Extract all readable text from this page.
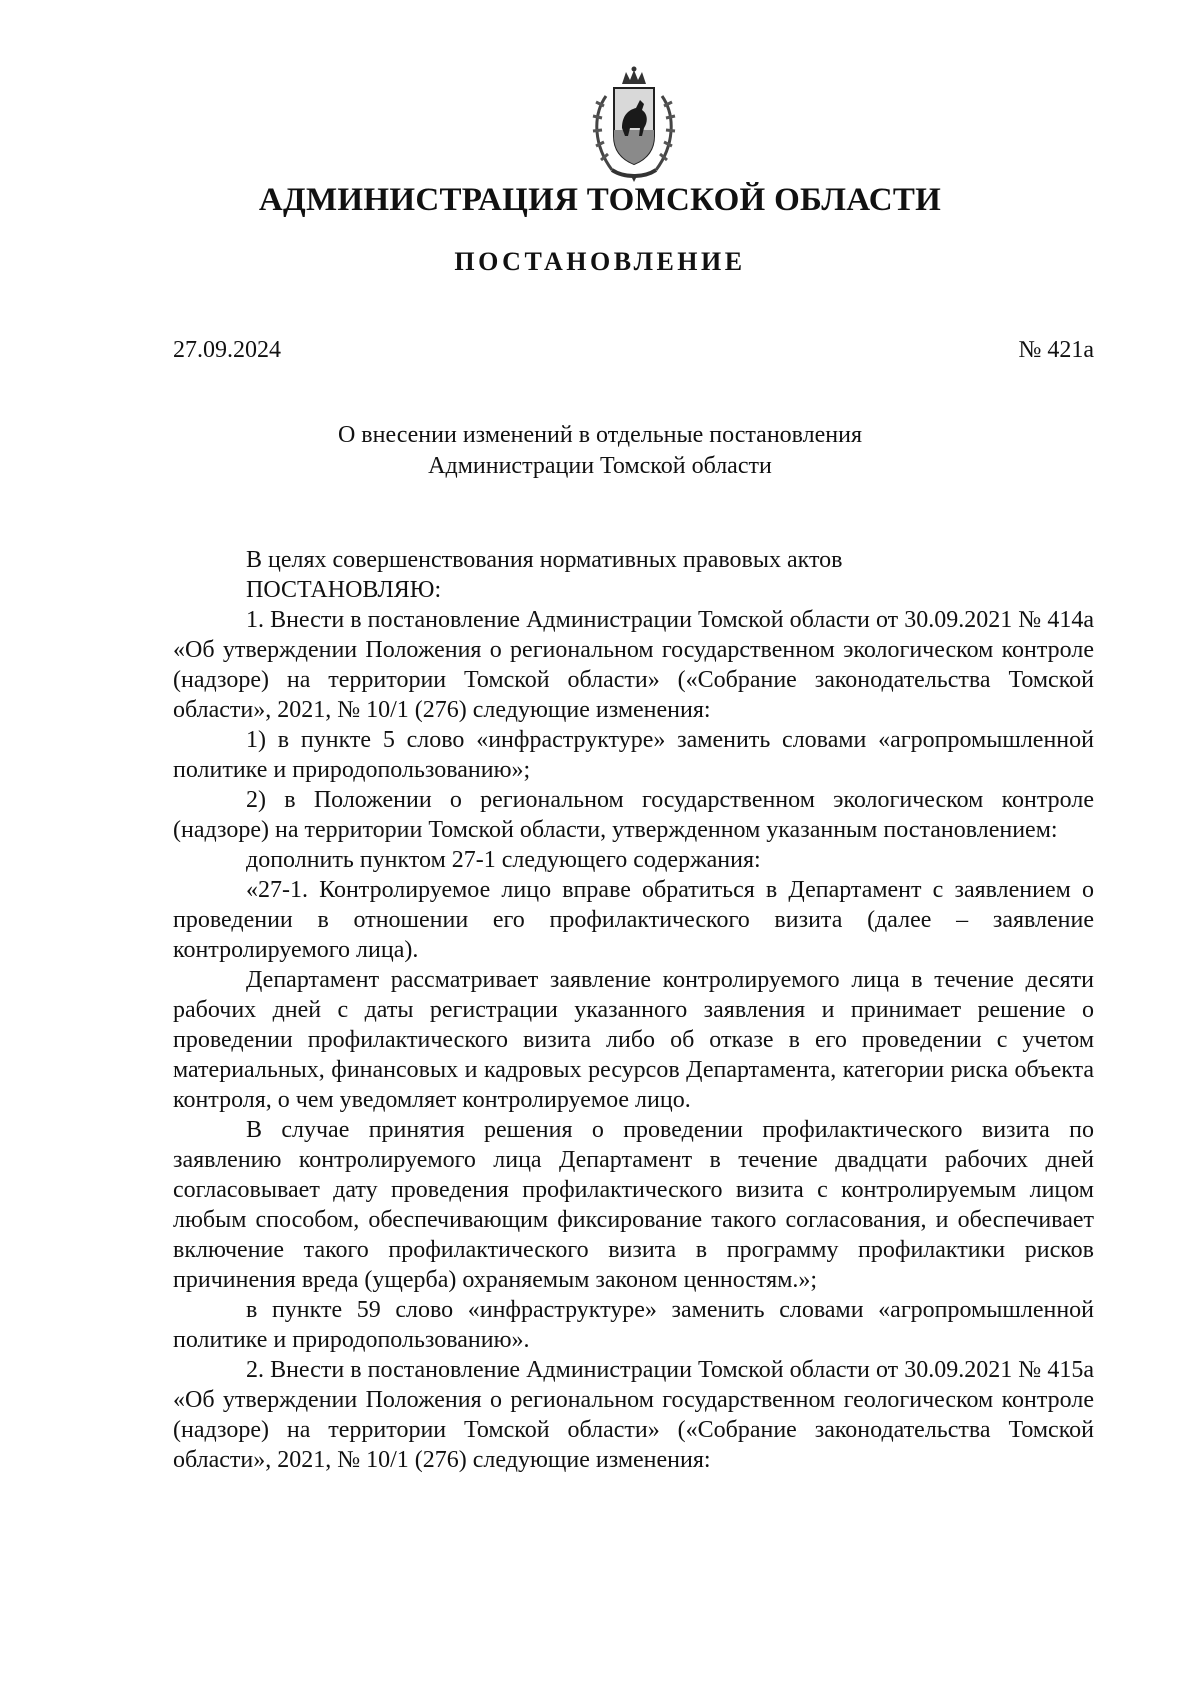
АДМИНИСТРАЦИЯ ТОМСКОЙ ОБЛАСТИ
ПОСТАНОВЛЕНИЕ
27.09.2024	№ 421а
О внесении изменений в отдельные постановления
Администрации Томской области

В целях совершенствования нормативных правовых актов

ПОСТАНОВЛЯЮ:

1. Внести в постановление Администрации Томской области от 30.09.2021 № 414а «Об утверждении Положения о региональном государственном экологическом контроле (надзоре) на территории Томской области» («Собрание законодательства Томской области», 2021, № 10/1 (276) следующие изменения:

1) в пункте 5 слово «инфраструктуре» заменить словами «агропромышленной политике и природопользованию»;

2) в Положении о региональном государственном экологическом контроле (надзоре) на территории Томской области, утвержденном указанным постановлением:

дополнить пунктом 27-1 следующего содержания:

«27-1. Контролируемое лицо вправе обратиться в Департамент с заявлением о проведении в отношении его профилактического визита (далее – заявление контролируемого лица).

Департамент рассматривает заявление контролируемого лица в течение десяти рабочих дней с даты регистрации указанного заявления и принимает решение о проведении профилактического визита либо об отказе в его проведении с учетом материальных, финансовых и кадровых ресурсов Департамента, категории риска объекта контроля, о чем уведомляет контролируемое лицо.

В случае принятия решения о проведении профилактического визита по заявлению контролируемого лица Департамент в течение двадцати рабочих дней согласовывает дату проведения профилактического визита с контролируемым лицом любым способом, обеспечивающим фиксирование такого согласования, и обеспечивает включение такого профилактического визита в программу профилактики рисков причинения вреда (ущерба) охраняемым законом ценностям.»;

в пункте 59 слово «инфраструктуре» заменить словами «агропромышленной политике и природопользованию».

2. Внести в постановление Администрации Томской области от 30.09.2021 № 415а «Об утверждении Положения о региональном государственном геологическом контроле (надзоре) на территории Томской области» («Собрание законодательства Томской области», 2021, № 10/1 (276) следующие изменения:
